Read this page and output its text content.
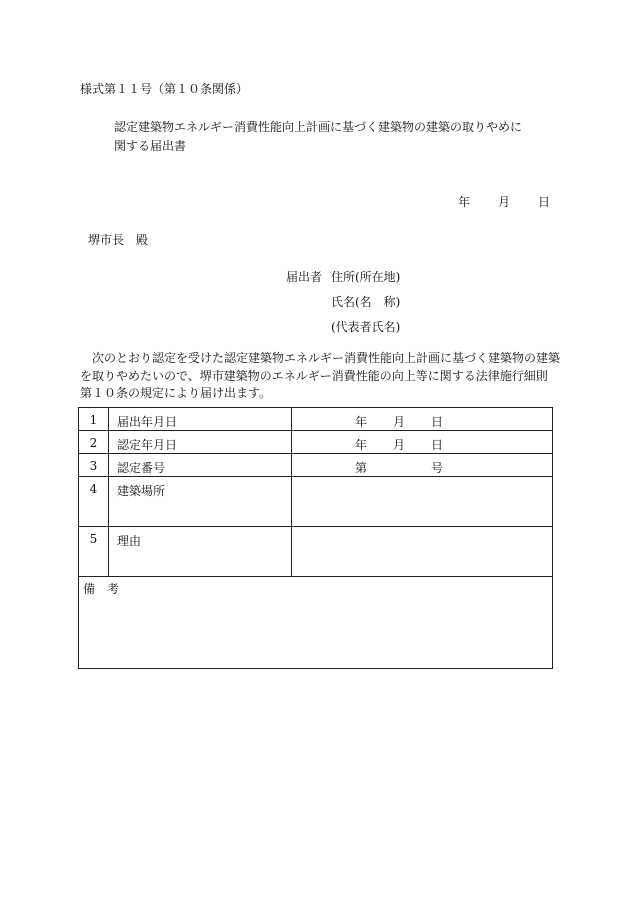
様式第１１号（第１０条関係）
認定建築物エネルギー消費性能向上計画に基づく建築物の建築の取りやめに
関する届出書
年 月 日
堺市長　殿
届出者 住所(所在地)
氏名(名　称)
(代表者氏名)
次のとおり認定を受けた認定建築物エネルギー消費性能向上計画に基づく建築物の建築
を取りやめたいので、堺市建築物のエネルギー消費性能の向上等に関する法律施行細則
第１０条の規定により届け出ます。
1	届出年月日	年 月 日

2	認定年月日	年 月 日

3	認定番号	第 号

4	建築場所	
5	理由	

備 考		
